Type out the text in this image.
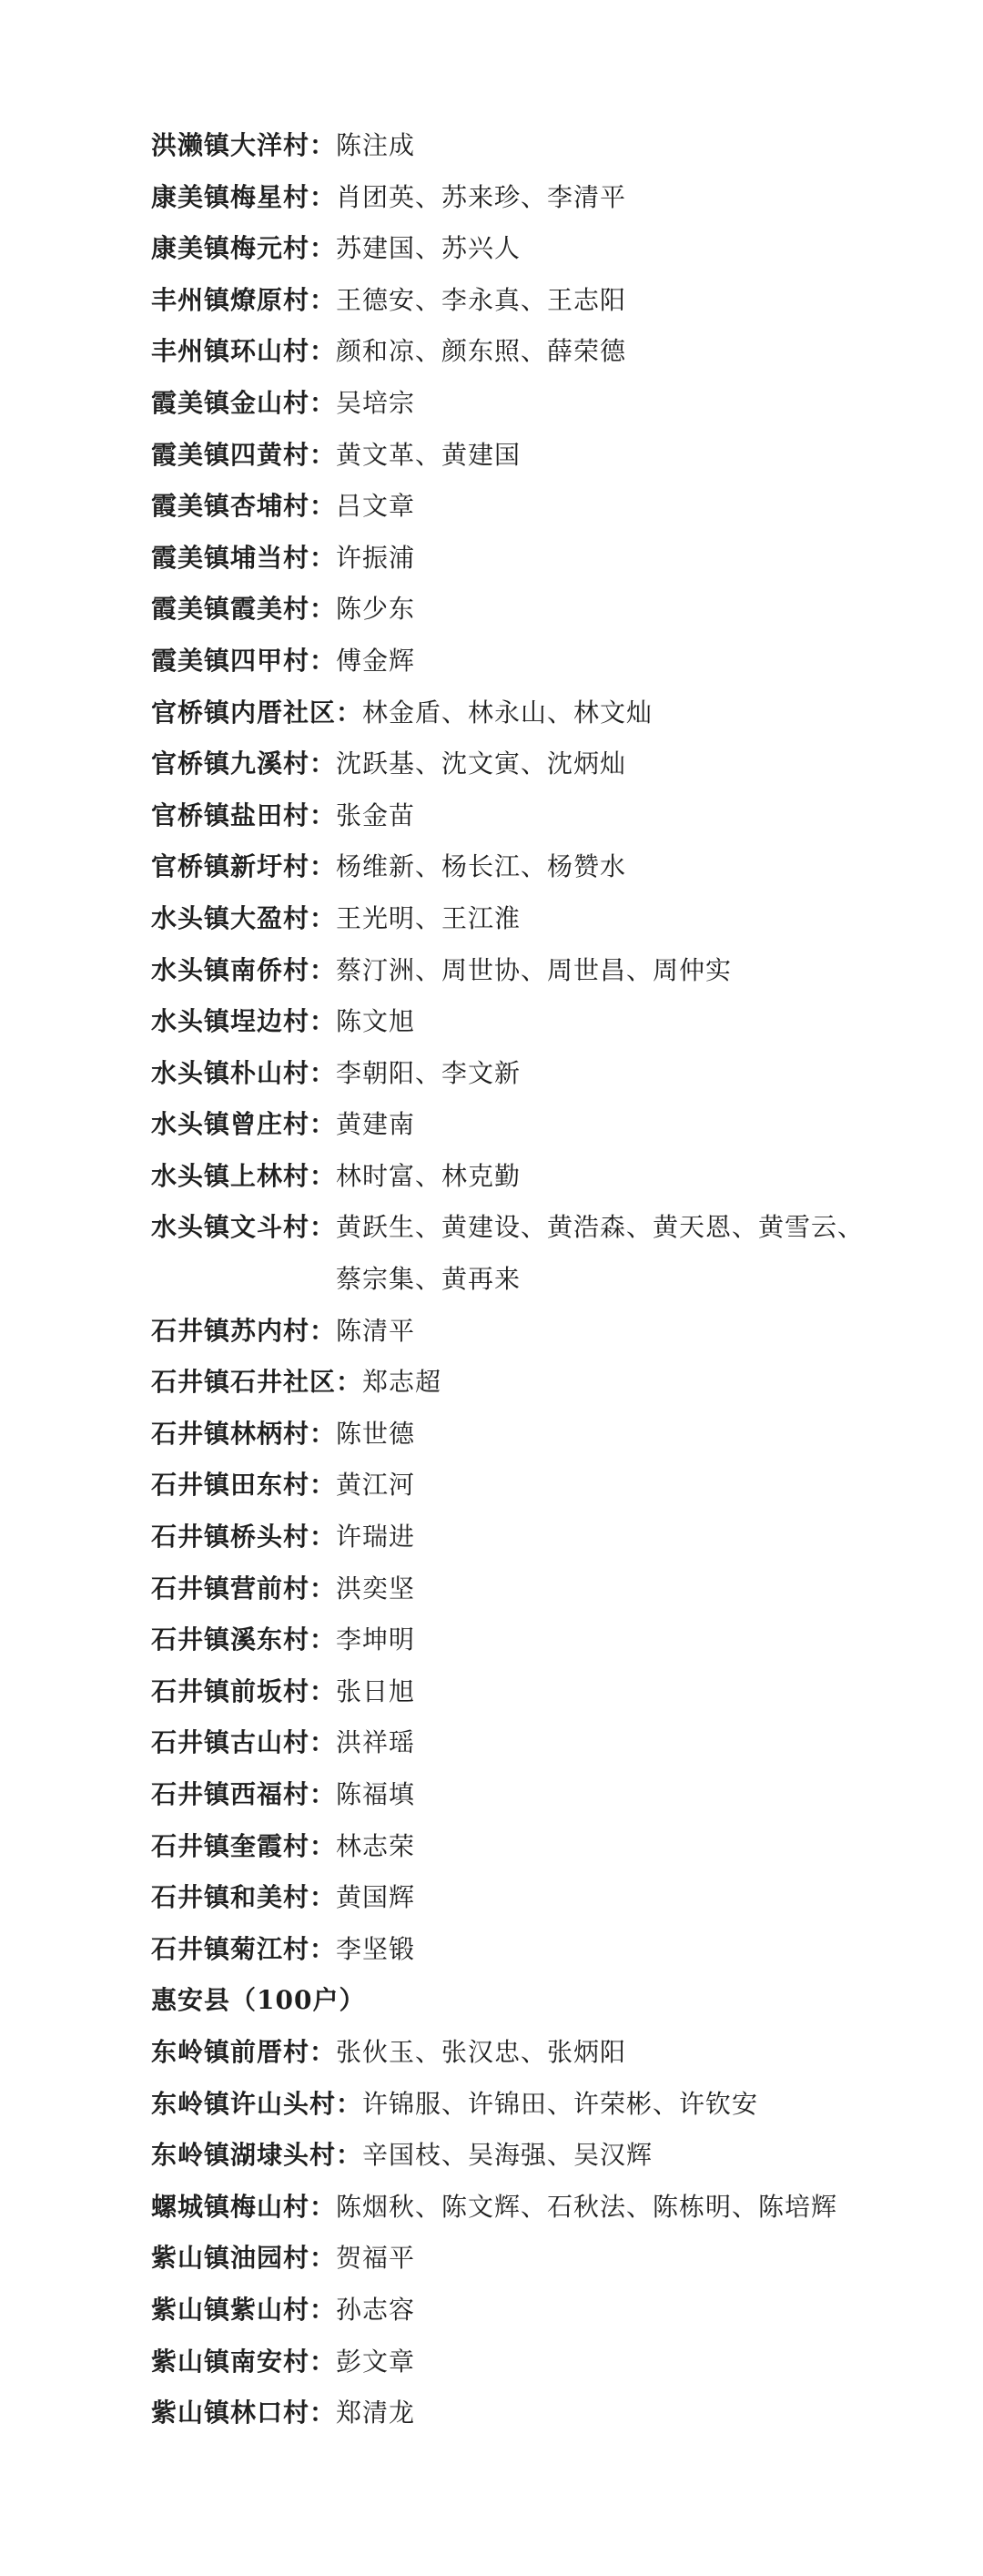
洪濑镇大洋村： 陈注成
康美镇梅星村： 肖团英、苏来珍、李清平
康美镇梅元村： 苏建国、苏兴人
丰州镇燎原村： 王德安、李永真、王志阳
丰州镇环山村： 颜和凉、颜东照、薛荣德
霞美镇金山村： 吴培宗
霞美镇四黄村： 黄文革、黄建国
霞美镇杏埔村： 吕文章
霞美镇埔当村： 许振浦
霞美镇霞美村： 陈少东
霞美镇四甲村： 傅金辉
官桥镇内厝社区： 林金盾、林永山、林文灿
官桥镇九溪村： 沈跃基、沈文寅、沈炳灿
官桥镇盐田村： 张金苗
官桥镇新圩村： 杨维新、杨长江、杨赞水
水头镇大盈村： 王光明、王江淮
水头镇南侨村： 蔡汀洲、周世协、周世昌、周仲实
水头镇埕边村： 陈文旭
水头镇朴山村： 李朝阳、李文新
水头镇曾庄村： 黄建南
水头镇上林村： 林时富、林克勤
水头镇文斗村： 黄跃生、黄建设、黄浩森、黄天恩、黄雪云、
蔡宗集、黄再来
石井镇苏内村： 陈清平
石井镇石井社区： 郑志超
石井镇林柄村： 陈世德
石井镇田东村： 黄江河
石井镇桥头村： 许瑞进
石井镇营前村： 洪奕坚
石井镇溪东村： 李坤明
石井镇前坂村： 张日旭
石井镇古山村： 洪祥瑶
石井镇西福村： 陈福填
石井镇奎霞村： 林志荣
石井镇和美村： 黄国辉
石井镇菊江村： 李坚锻
惠安县（100户）
东岭镇前厝村： 张伙玉、张汉忠、张炳阳
东岭镇许山头村： 许锦服、许锦田、许荣彬、许钦安
东岭镇湖埭头村： 辛国枝、吴海强、吴汉辉
螺城镇梅山村： 陈烟秋、陈文辉、石秋法、陈栋明、陈培辉
紫山镇油园村： 贺福平
紫山镇紫山村： 孙志容
紫山镇南安村： 彭文章
紫山镇林口村： 郑清龙
